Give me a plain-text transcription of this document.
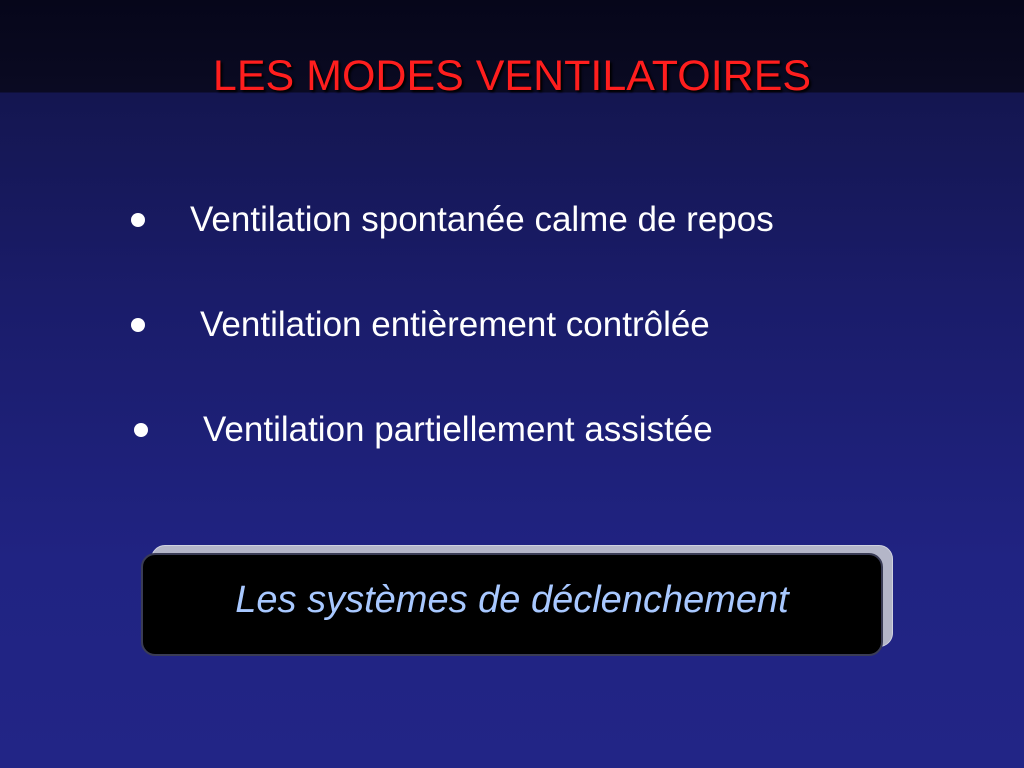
LES MODES VENTILATOIRES
Ventilation spontanée calme de repos
Ventilation entièrement contrôlée
Ventilation partiellement assistée
Les systèmes de déclenchement
